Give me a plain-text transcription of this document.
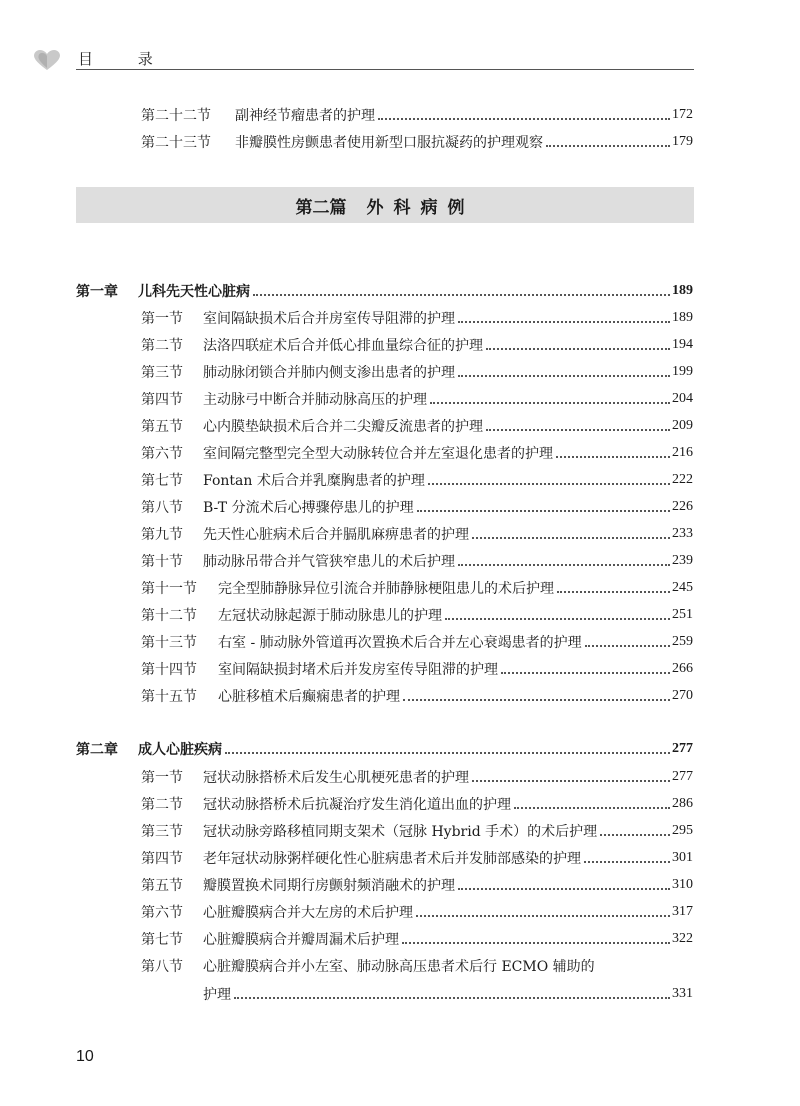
目 录
第二十二节	副神经节瘤患者的护理	172
第二十三节	非瓣膜性房颤患者使用新型口服抗凝药的护理观察	179
第二篇 外科病例
第一章	儿科先天性心脏病	189
第一节	室间隔缺损术后合并房室传导阻滞的护理	189
第二节	法洛四联症术后合并低心排血量综合征的护理	194
第三节	肺动脉闭锁合并肺内侧支渗出患者的护理	199
第四节	主动脉弓中断合并肺动脉高压的护理	204
第五节	心内膜垫缺损术后合并二尖瓣反流患者的护理	209
第六节	室间隔完整型完全型大动脉转位合并左室退化患者的护理	216
第七节	Fontan 术后合并乳糜胸患者的护理	222
第八节	B-T 分流术后心搏骤停患儿的护理	226
第九节	先天性心脏病术后合并膈肌麻痹患者的护理	233
第十节	肺动脉吊带合并气管狭窄患儿的术后护理	239
第十一节	完全型肺静脉异位引流合并肺静脉梗阻患儿的术后护理	245
第十二节	左冠状动脉起源于肺动脉患儿的护理	251
第十三节	右室 - 肺动脉外管道再次置换术后合并左心衰竭患者的护理	259
第十四节	室间隔缺损封堵术后并发房室传导阻滞的护理	266
第十五节	心脏移植术后癫痫患者的护理	270
第二章	成人心脏疾病	277
第一节	冠状动脉搭桥术后发生心肌梗死患者的护理	277
第二节	冠状动脉搭桥术后抗凝治疗发生消化道出血的护理	286
第三节	冠状动脉旁路移植同期支架术（冠脉 Hybrid 手术）的术后护理	295
第四节	老年冠状动脉粥样硬化性心脏病患者术后并发肺部感染的护理	301
第五节	瓣膜置换术同期行房颤射频消融术的护理	310
第六节	心脏瓣膜病合并大左房的术后护理	317
第七节	心脏瓣膜病合并瓣周漏术后护理	322
第八节	心脏瓣膜病合并小左室、肺动脉高压患者术后行 ECMO 辅助的
护理	331
10
